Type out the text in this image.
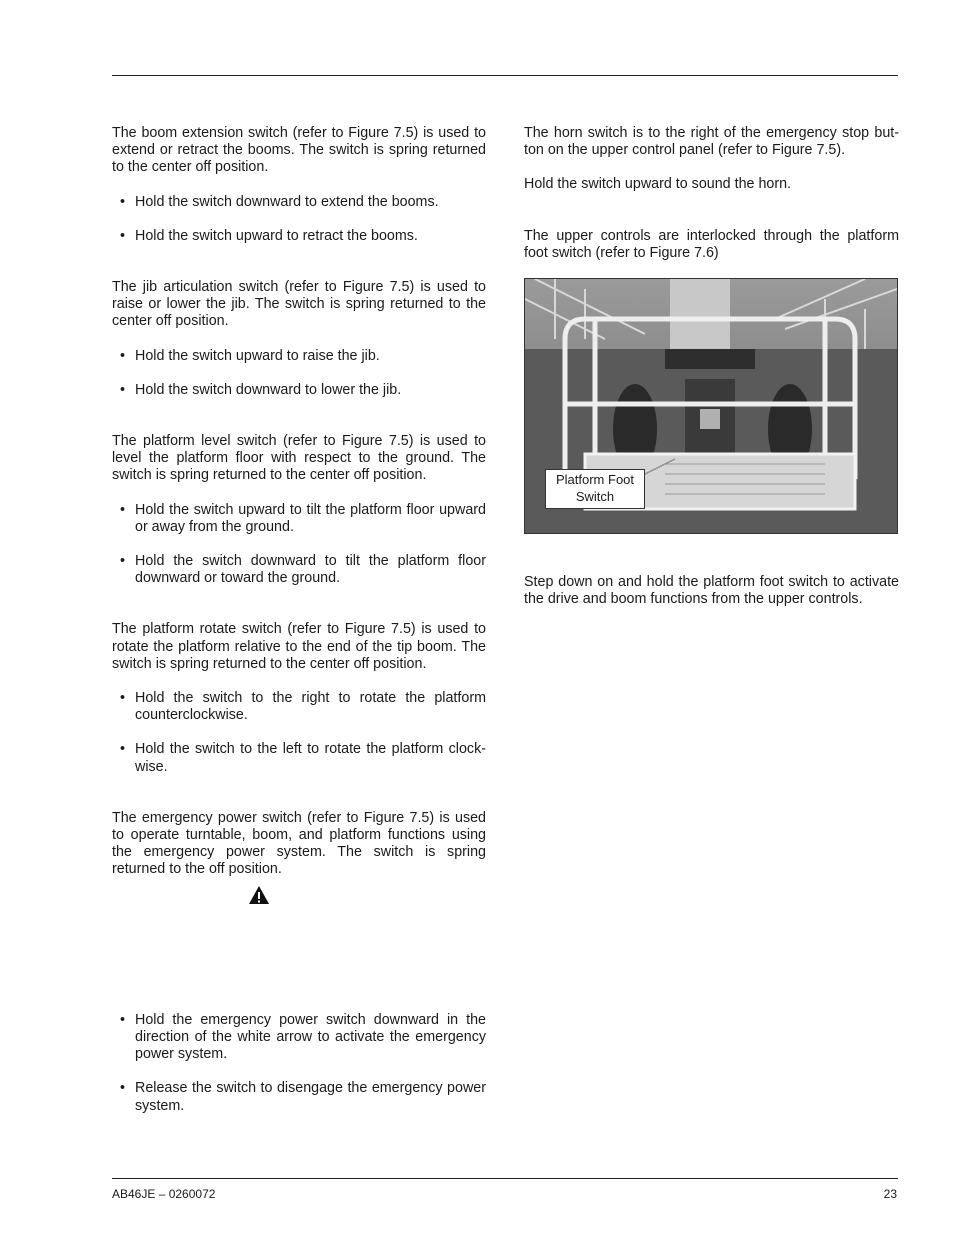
The boom extension switch (refer to Figure 7.5) is used to extend or retract the booms. The switch is spring returned to the center off position.

• Hold the switch downward to extend the booms.

• Hold the switch upward to retract the booms.

The jib articulation switch (refer to Figure 7.5) is used to raise or lower the jib. The switch is spring returned to the center off position.

• Hold the switch upward to raise the jib.

• Hold the switch downward to lower the jib.

The platform level switch (refer to Figure 7.5) is used to level the platform floor with respect to the ground. The switch is spring returned to the center off position.

• Hold the switch upward to tilt the platform floor upward or away from the ground.

• Hold the switch downward to tilt the platform floor downward or toward the ground.

The platform rotate switch (refer to Figure 7.5) is used to rotate the platform relative to the end of the tip boom. The switch is spring returned to the center off position.

• Hold the switch to the right to rotate the platform counterclockwise.

• Hold the switch to the left to rotate the platform clock-wise.

The emergency power switch (refer to Figure 7.5) is used to operate turntable, boom, and platform functions using the emergency power system. The switch is spring returned to the off position.

• Hold the emergency power switch downward in the direction of the white arrow to activate the emergency power system.

• Release the switch to disengage the emergency power system.

The horn switch is to the right of the emergency stop but-ton on the upper control panel (refer to Figure 7.5).

Hold the switch upward to sound the horn.

The upper controls are interlocked through the platform foot switch (refer to Figure 7.6)

Platform Foot Switch

Step down on and hold the platform foot switch to activate the drive and boom functions from the upper controls.

AB46JE – 0260072	23
